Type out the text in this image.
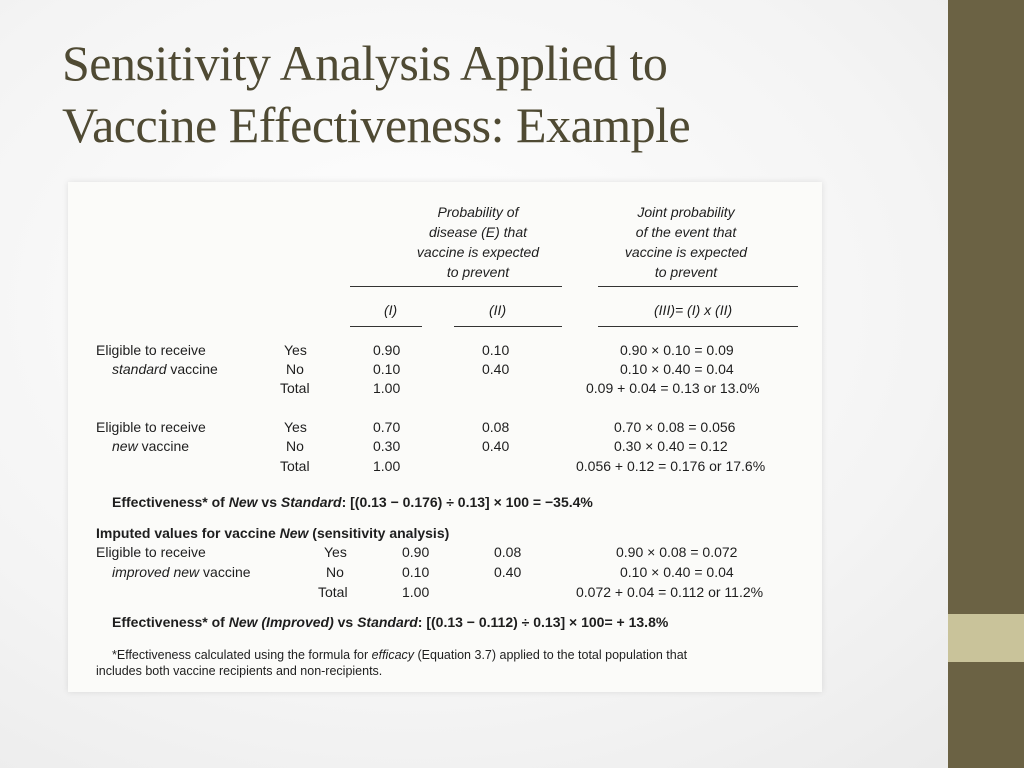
Sensitivity Analysis Applied to
Vaccine Effectiveness: Example
Probability of
disease (E) that
vaccine is expected
to prevent
Joint probability
of the event that
vaccine is expected
to prevent
(I)	(II)	(III)= (I) x (II)
Eligible to receive
standard vaccine
Yes
No
Total
0.90
0.10
1.00
0.10
0.40
0.90 × 0.10 = 0.09
0.10 × 0.40 = 0.04
0.09 + 0.04 = 0.13 or 13.0%
Eligible to receive
new vaccine
Yes
No
Total
0.70
0.30
1.00
0.08
0.40
0.70 × 0.08 = 0.056
0.30 × 0.40 = 0.12
0.056 + 0.12 = 0.176 or 17.6%
Effectiveness* of New vs Standard: [(0.13 − 0.176) ÷ 0.13] × 100 = −35.4%
Imputed values for vaccine New (sensitivity analysis)
Eligible to receive
improved new vaccine
Yes
No
Total
0.90
0.10
1.00
0.08
0.40
0.90 × 0.08 = 0.072
0.10 × 0.40 = 0.04
0.072 + 0.04 = 0.112 or 11.2%
Effectiveness* of New (Improved) vs Standard: [(0.13 − 0.112) ÷ 0.13] × 100= + 13.8%
*Effectiveness calculated using the formula for efficacy (Equation 3.7) applied to the total population that
includes both vaccine recipients and non-recipients.
